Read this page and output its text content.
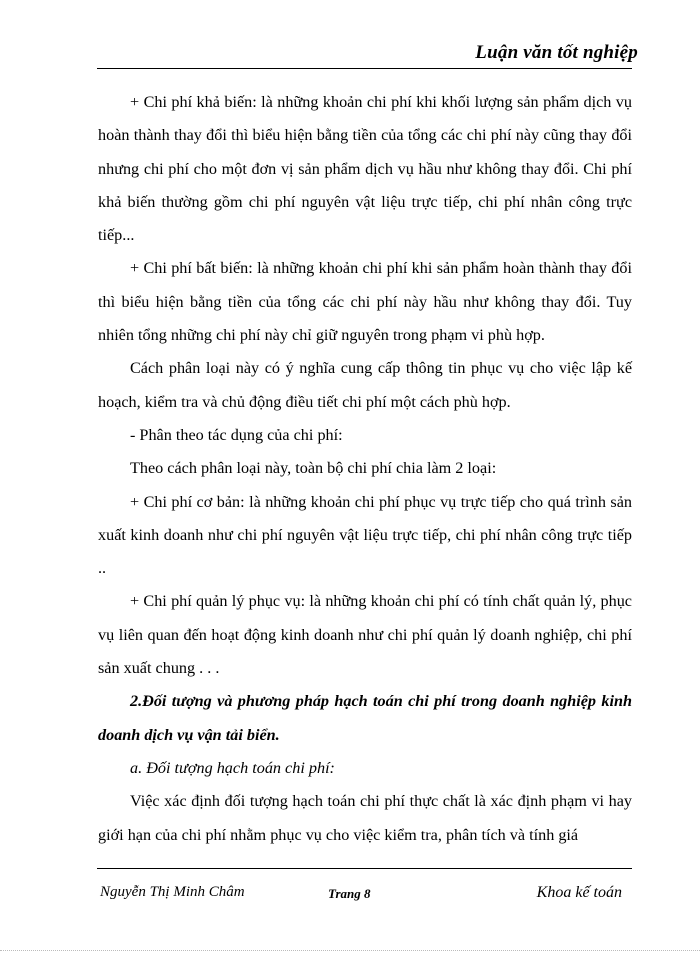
Luận văn tốt nghiệp

+ Chi phí khả biến: là những khoản chi phí khi khối lượng sản phẩm dịch vụ hoàn thành thay đổi thì biểu hiện bằng tiền của tổng các chi phí này cũng thay đổi nhưng chi phí cho một đơn vị sản phẩm dịch vụ hầu như không thay đổi. Chi phí khả biến thường gồm chi phí nguyên vật liệu trực tiếp, chi phí nhân công trực tiếp...

+ Chi phí bất biến: là những khoản chi phí khi sản phẩm hoàn thành thay đổi thì biểu hiện bằng tiền của tổng các chi phí này hầu như không thay đổi. Tuy nhiên tổng những chi phí này chỉ giữ nguyên trong phạm vi phù hợp.

Cách phân loại này có ý nghĩa cung cấp thông tin phục vụ cho việc lập kế hoạch, kiểm tra và chủ động điều tiết chi phí một cách phù hợp.

- Phân theo tác dụng của chi phí:

Theo cách phân loại này, toàn bộ chi phí chia làm 2 loại:

+ Chi phí cơ bản: là những khoản chi phí phục vụ trực tiếp cho quá trình sản xuất kinh doanh như chi phí nguyên vật liệu trực tiếp, chi phí nhân công trực tiếp ..

+ Chi phí quản lý phục vụ: là những khoản chi phí có tính chất quản lý, phục vụ liên quan đến hoạt động kinh doanh như chi phí quản lý doanh nghiệp, chi phí sản xuất chung . . .

2.Đối tượng và phương pháp hạch toán chi phí trong doanh nghiệp kinh doanh dịch vụ vận tải biển.

a. Đối tượng hạch toán chi phí:

Việc xác định đối tượng hạch toán chi phí thực chất là xác định phạm vi hay giới hạn của chi phí nhằm phục vụ cho việc kiểm tra, phân tích và tính giá

Nguyễn Thị Minh Châm	Trang 8	Khoa kế toán
